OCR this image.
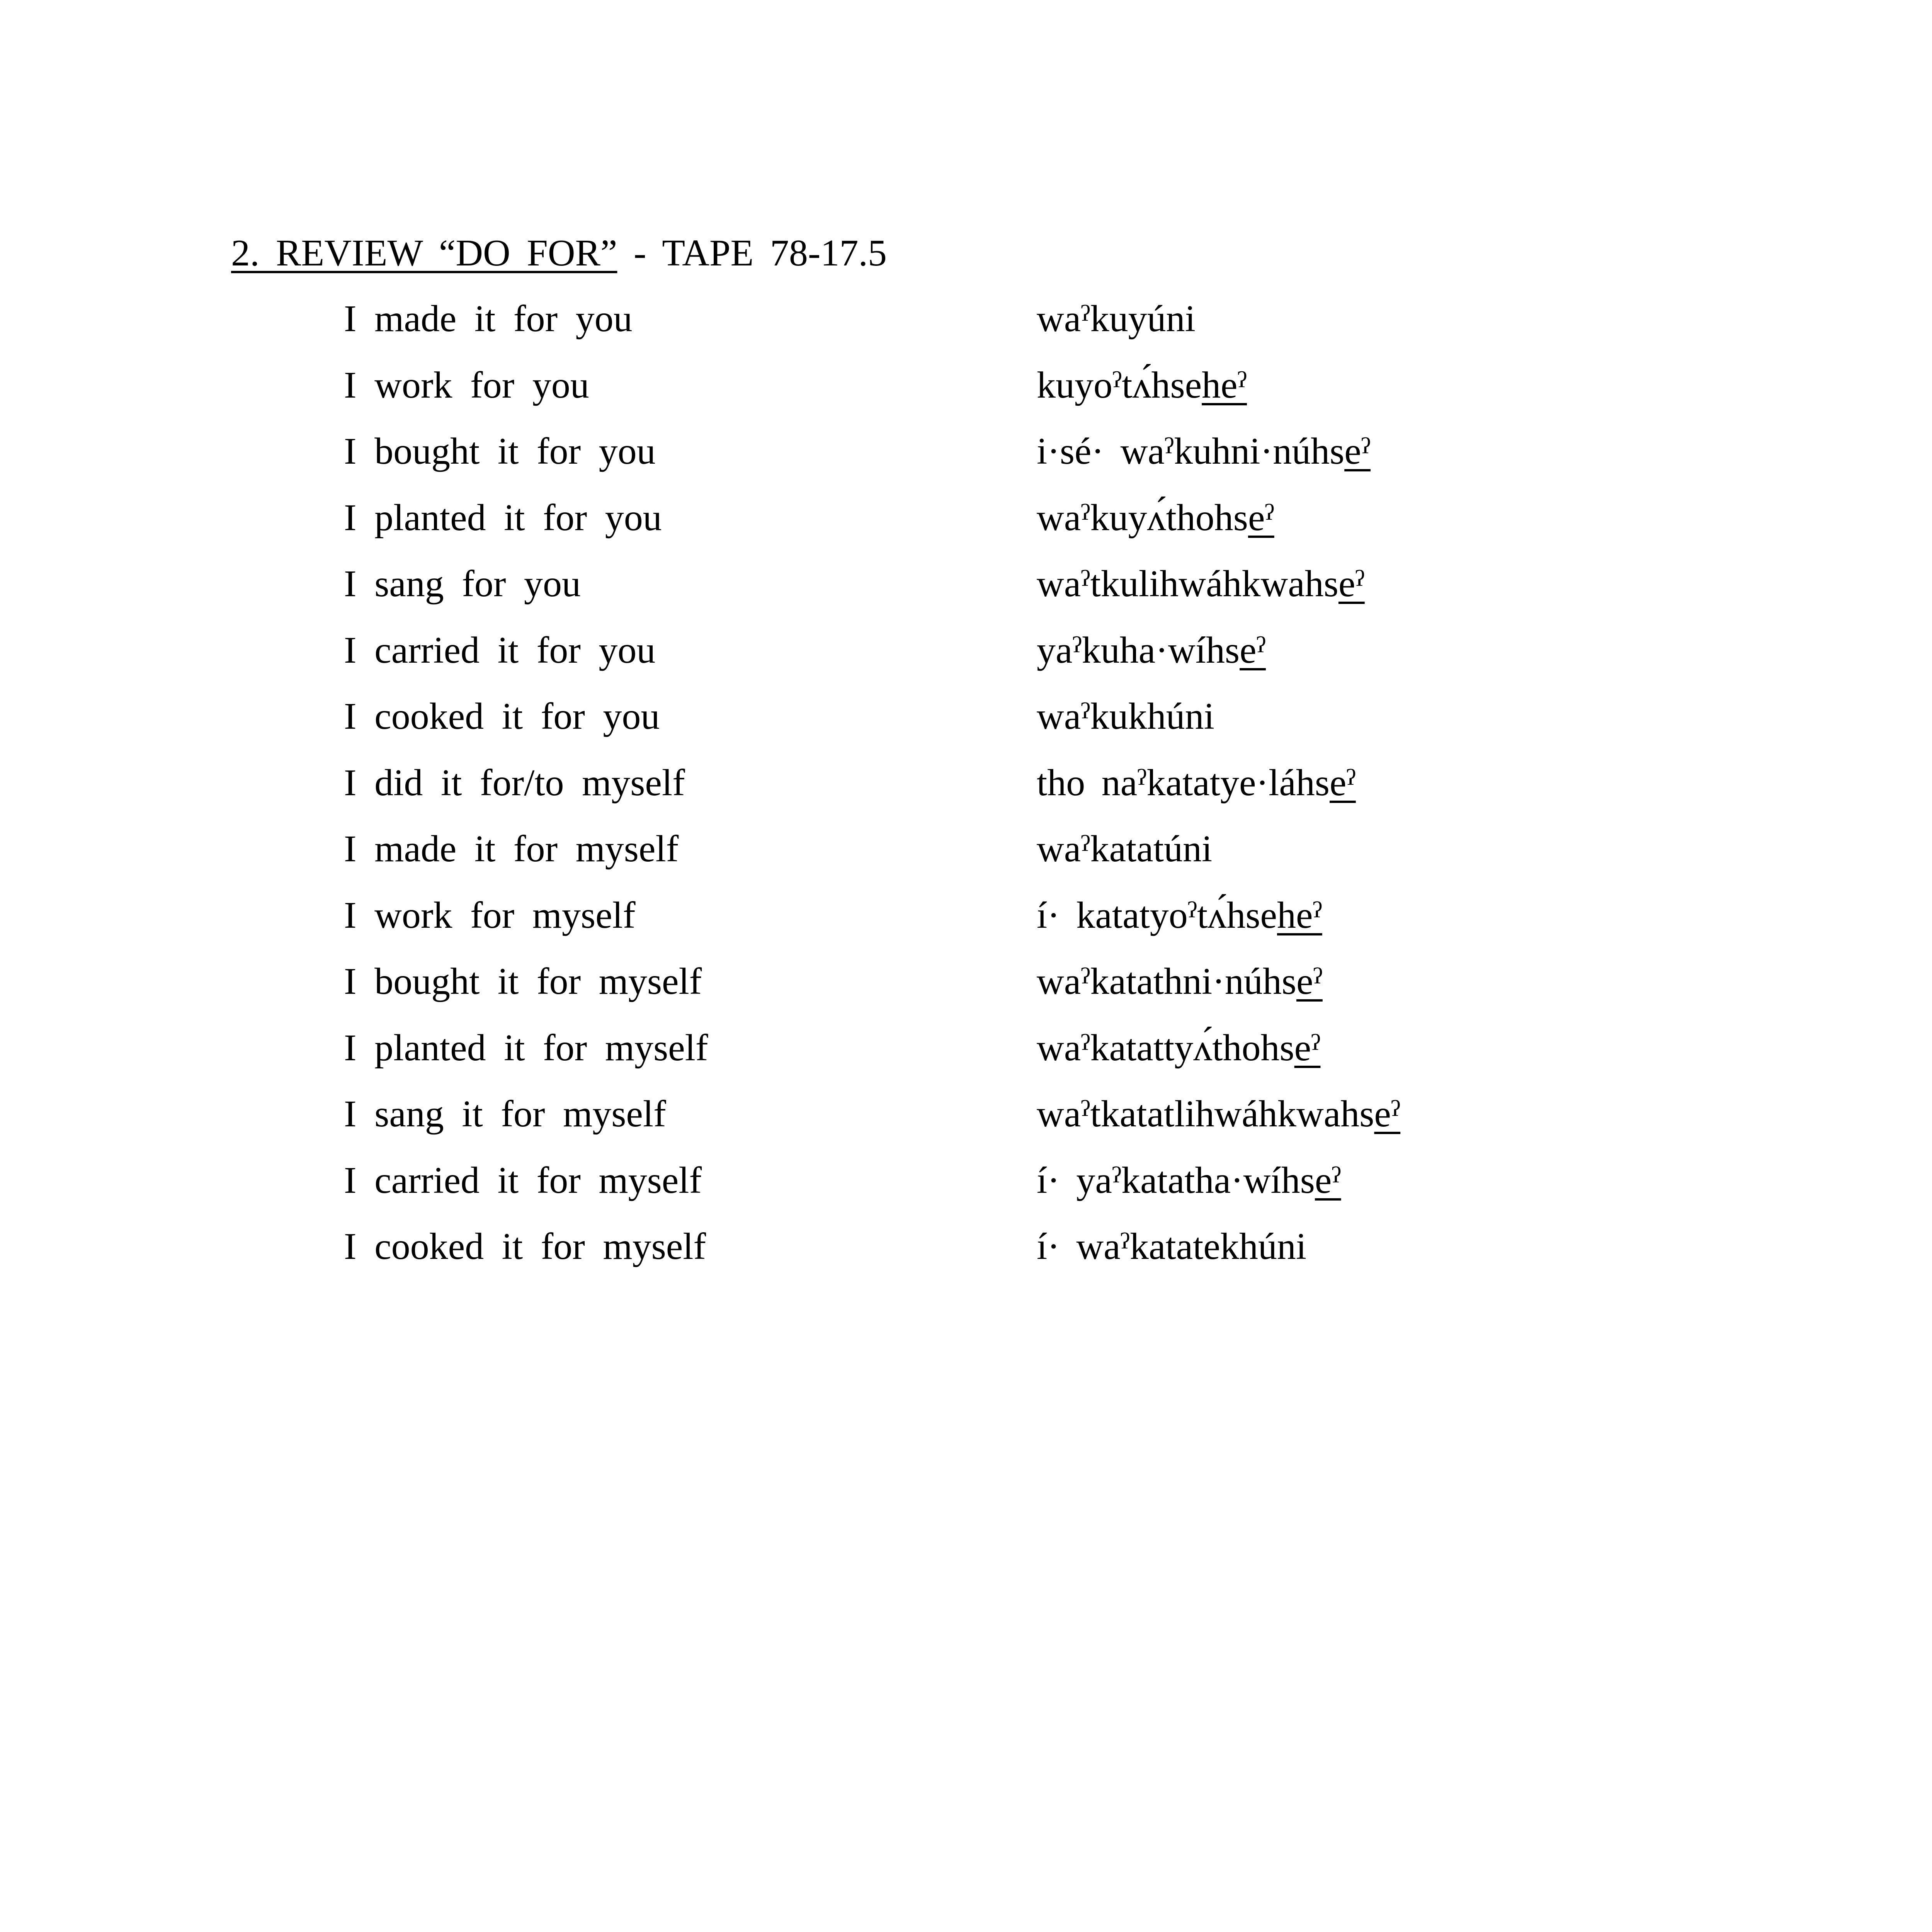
2. REVIEW “DO FOR” - TAPE 78-17.5
I made it for you	waˀkuyúni
I work for you	kuyoˀtʌ́hseheˀ
I bought it for you	i·sé· waˀkuhni·núhseˀ
I planted it for you	waˀkuyʌ́thohseˀ
I sang for you	waˀtkulihwáhkwahseˀ
I carried it for you	yaˀkuha·wíhseˀ
I cooked it for you	waˀkukhúni
I did it for/to myself	tho naˀkatatye·láhseˀ
I made it for myself	waˀkatatúni
I work for myself	í· katatyoˀtʌ́hseheˀ
I bought it for myself	waˀkatathni·núhseˀ
I planted it for myself	waˀkatattyʌ́thohseˀ
I sang it for myself	waˀtkatatlihwáhkwahseˀ
I carried it for myself	í· yaˀkatatha·wíhseˀ
I cooked it for myself	í· waˀkatatekhúni
